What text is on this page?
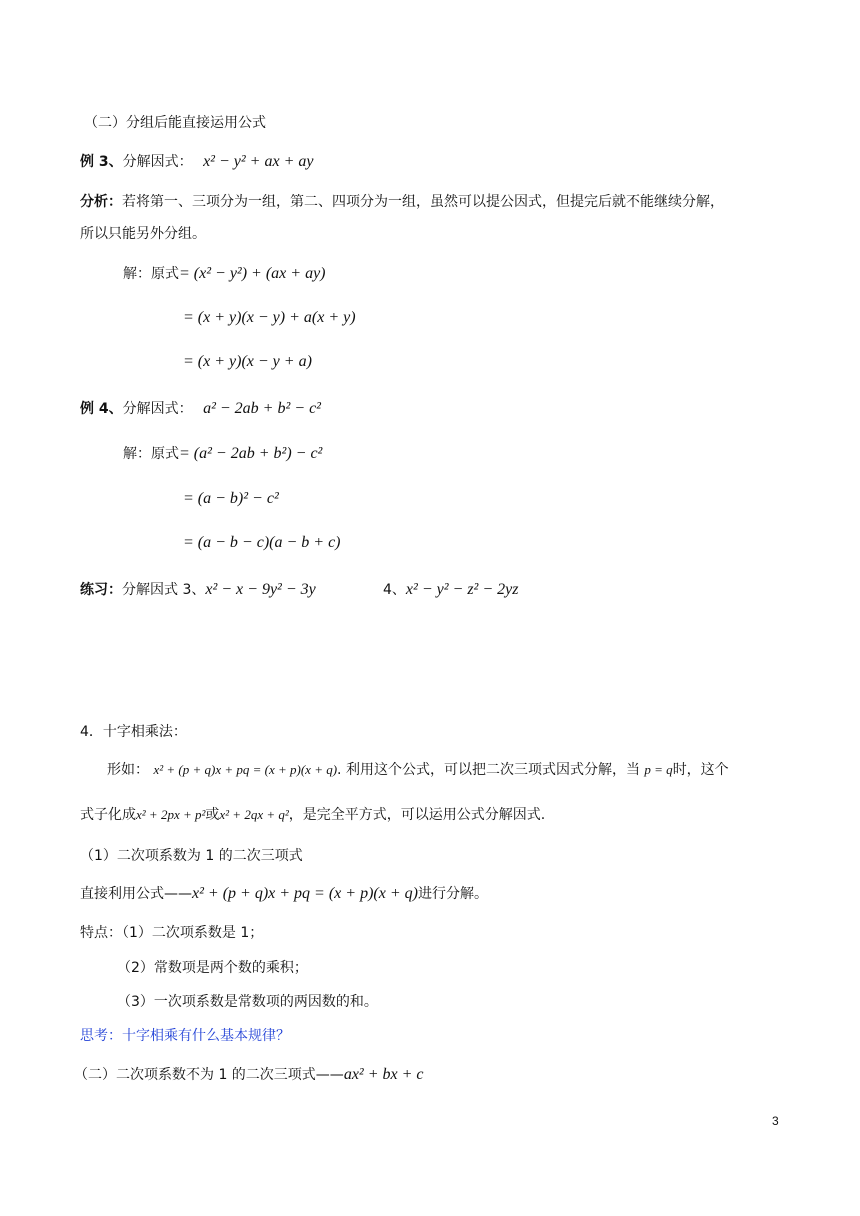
（二）分组后能直接运用公式
例 3、分解因式： x² − y² + ax + ay
分析：若将第一、三项分为一组，第二、四项分为一组，虽然可以提公因式，但提完后就不能继续分解，
所以只能另外分组。
解：原式= (x² − y²) + (ax + ay)
= (x + y)(x − y) + a(x + y)
= (x + y)(x − y + a)
例 4、分解因式： a² − 2ab + b² − c²
解：原式= (a² − 2ab + b²) − c²
= (a − b)² − c²
= (a − b − c)(a − b + c)
练习：分解因式 3、x² − x − 9y² − 3y	4、x² − y² − z² − 2yz
4．十字相乘法：
形如： x² + (p + q)x + pq = (x + p)(x + q). 利用这个公式，可以把二次三项式因式分解，当 p = q时，这个
式子化成x² + 2px + p²或x² + 2qx + q²，是完全平方式，可以运用公式分解因式.
（1）二次项系数为 1 的二次三项式
直接利用公式——x² + (p + q)x + pq = (x + p)(x + q)进行分解。
特点：（1）二次项系数是 1；
（2）常数项是两个数的乘积；
（3）一次项系数是常数项的两因数的和。
思考：十字相乘有什么基本规律？
（二）二次项系数不为 1 的二次三项式——ax² + bx + c
3
